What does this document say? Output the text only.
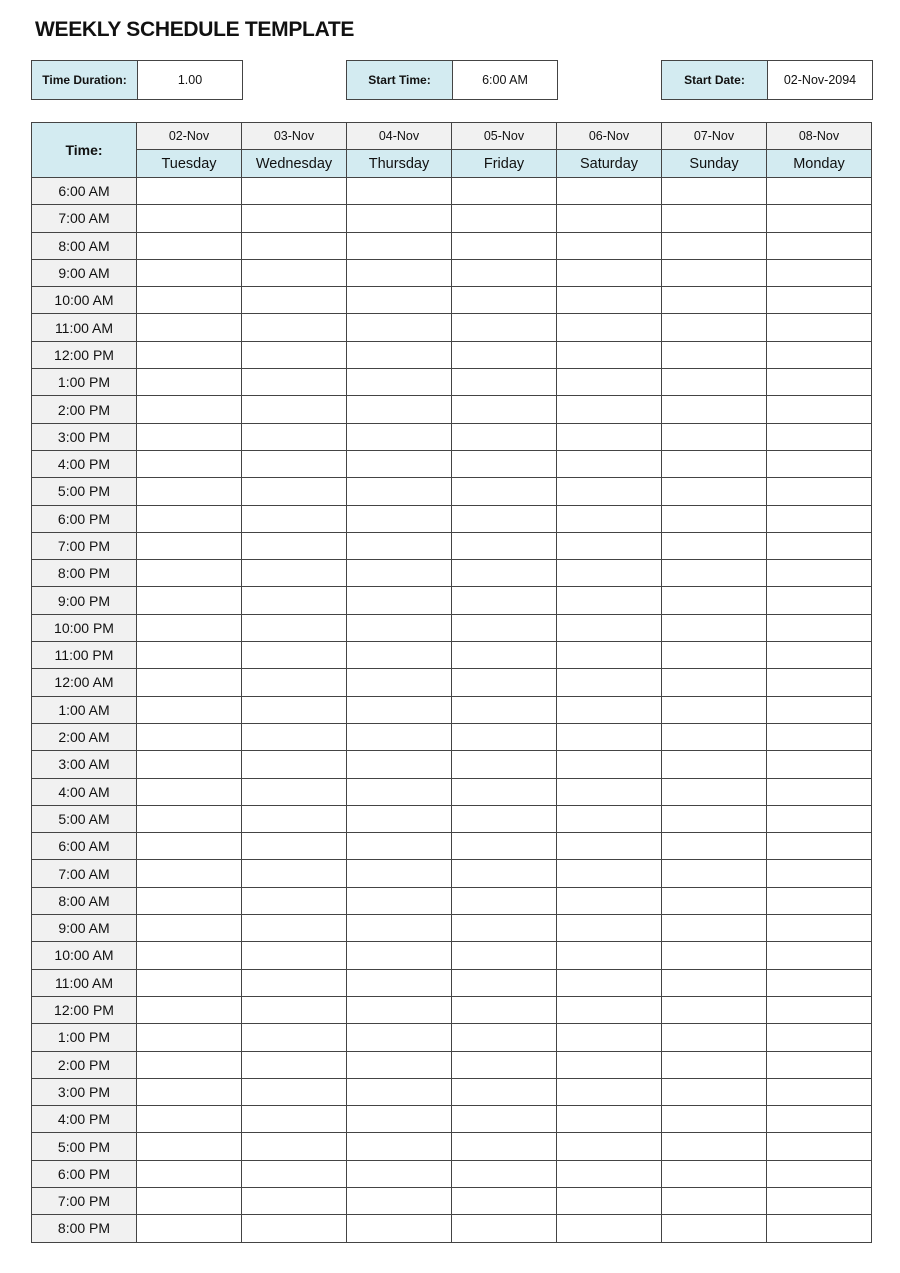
WEEKLY SCHEDULE TEMPLATE
Time Duration:	1.00	Start Time:	6:00 AM	Start Date:	02-Nov-2094
Time:	02-Nov	03-Nov	04-Nov	05-Nov	06-Nov	07-Nov	08-Nov
	Tuesday	Wednesday	Thursday	Friday	Saturday	Sunday	Monday
6:00 AM							
7:00 AM							
8:00 AM							
9:00 AM							
10:00 AM							
11:00 AM							
12:00 PM							
1:00 PM							
2:00 PM							
3:00 PM							
4:00 PM							
5:00 PM							
6:00 PM							
7:00 PM							
8:00 PM							
9:00 PM							
10:00 PM							
11:00 PM							
12:00 AM							
1:00 AM							
2:00 AM							
3:00 AM							
4:00 AM							
5:00 AM							
6:00 AM							
7:00 AM							
8:00 AM							
9:00 AM							
10:00 AM							
11:00 AM							
12:00 PM							
1:00 PM							
2:00 PM							
3:00 PM							
4:00 PM							
5:00 PM							
6:00 PM							
7:00 PM							
8:00 PM							
